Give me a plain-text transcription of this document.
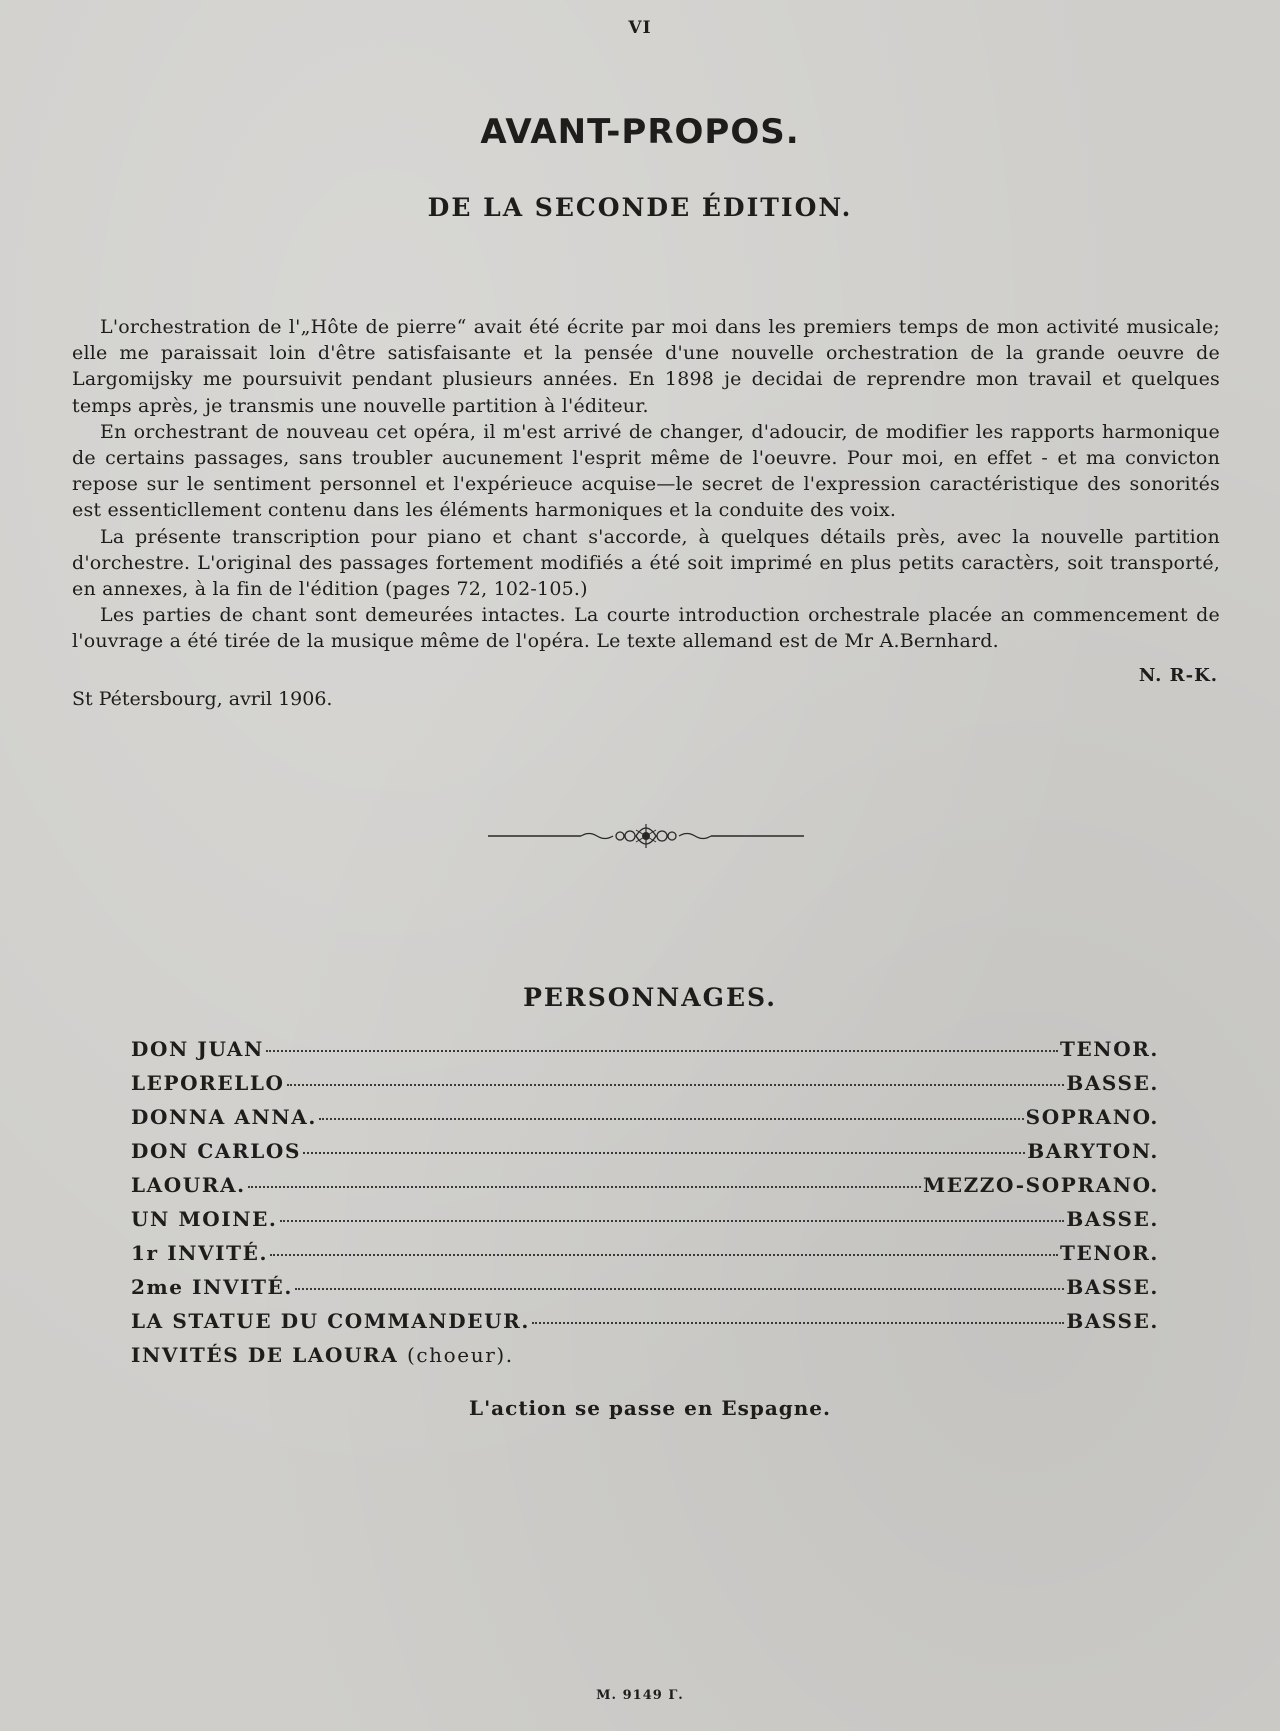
VI
AVANT-PROPOS.
DE LA SECONDE ÉDITION.

L'orchestration de l'„Hôte de pierre“ avait été écrite par moi dans les premiers temps de mon activité musicale; elle me paraissait loin d'être satisfaisante et la pensée d'une nouvelle orchestration de la grande oeuvre de Largomijsky me poursuivit pendant plusieurs années. En 1898 je decidai de reprendre mon travail et quelques temps après, je transmis une nouvelle partition à l'éditeur.

En orchestrant de nouveau cet opéra, il m'est arrivé de changer, d'adoucir, de modifier les rapports harmonique de certains passages, sans troubler aucunement l'esprit même de l'oeuvre. Pour moi, en effet - et ma convicton repose sur le sentiment personnel et l'expérieuce acquise—le secret de l'expression caractéristique des sonorités est essenticllement contenu dans les éléments harmoniques et la conduite des voix.

La présente transcription pour piano et chant s'accorde, à quelques détails près, avec la nouvelle partition d'orchestre. L'original des passages fortement modifiés a été soit imprimé en plus petits caractèrs, soit transporté, en annexes, à la fin de l'édition (pages 72, 102-105.)

Les parties de chant sont demeurées intactes. La courte introduction orchestrale placée an commencement de l'ouvrage a été tirée de la musique même de l'opéra. Le texte allemand est de Mr A.Bernhard.

N. R-K.
St Pétersbourg, avril 1906.
PERSONNAGES.
DON JUAN	TENOR.
LEPORELLO	BASSE.
DONNA ANNA.	SOPRANO.
DON CARLOS	BARYTON.
LAOURA.	MEZZO-SOPRANO.
UN MOINE.	BASSE.
1r INVITÉ.	TENOR.
2me INVITÉ.	BASSE.
LA STATUE DU COMMANDEUR.	BASSE.
INVITÉS DE LAOURA (choeur).
L'action se passe en Espagne.
M. 9149 Г.
